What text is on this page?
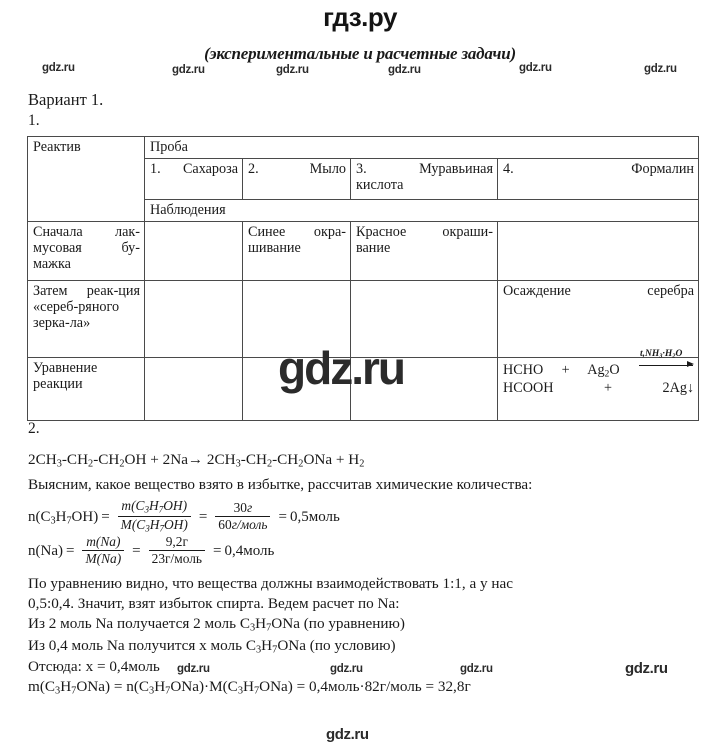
гдз.ру
gdz.ru	gdz.ru	gdz.ru	gdz.ru	gdz.ru	gdz.ru
(экспериментальные и расчетные задачи)
Вариант 1.
1.
Реактив	Проба			
	1. Сахароза	2. Мыло	3. Муравьиная кислота	4. Формалин
	Наблюдения			
Сначала лак-мусовая бу-мажка		Синее окра-шивание	Красное окраши-вание	
Затем реак-ция «сереб-ряного зерка-ла»				Осаждение серебра
Уравнение реакции				HCHO + $Ag_2O$
$t,NH_3\cdot H_2O$

HCOOH + 2Ag↓
gdz.ru
2.
$2CH_3-CH_2-CH_2OH + 2Na\to 2CH_3-CH_2-CH_2ONa + H_2$
Выясним, какое вещество взято в избытке, рассчитав химические количества:
$n(C_3H_7OH) = \frac{m(C_3H_7OH)}{M(C_3H_7OH)} = \frac{30г}{\text{60г/моль}}$ = 0,5моль
$n(Na) = \frac{m(Na)}{M(Na)} = \frac{9,2г}{\text{23г/моль}}$ = 0,4моль
По уравнению видно, что вещества должны взаимодействовать 1:1, а у нас
0,5:0,4. Значит, взят избыток спирта. Ведем расчет по Na:
Из 2 моль Na получается 2 моль $C_3H_7ONa$ (по уравнению)
Из 0,4 моль Na получится х моль $C_3H_7ONa$ (по условию)
Отсюда: х = 0,4моль
$m(C_3H_7ONa) = n(C_3H_7ONa)\cdot M(C_3H_7ONa)$ = 0,4моль·82г/моль = 32,8г
gdz.ru	gdz.ru	gdz.ru	gdz.ru
gdz.ru
